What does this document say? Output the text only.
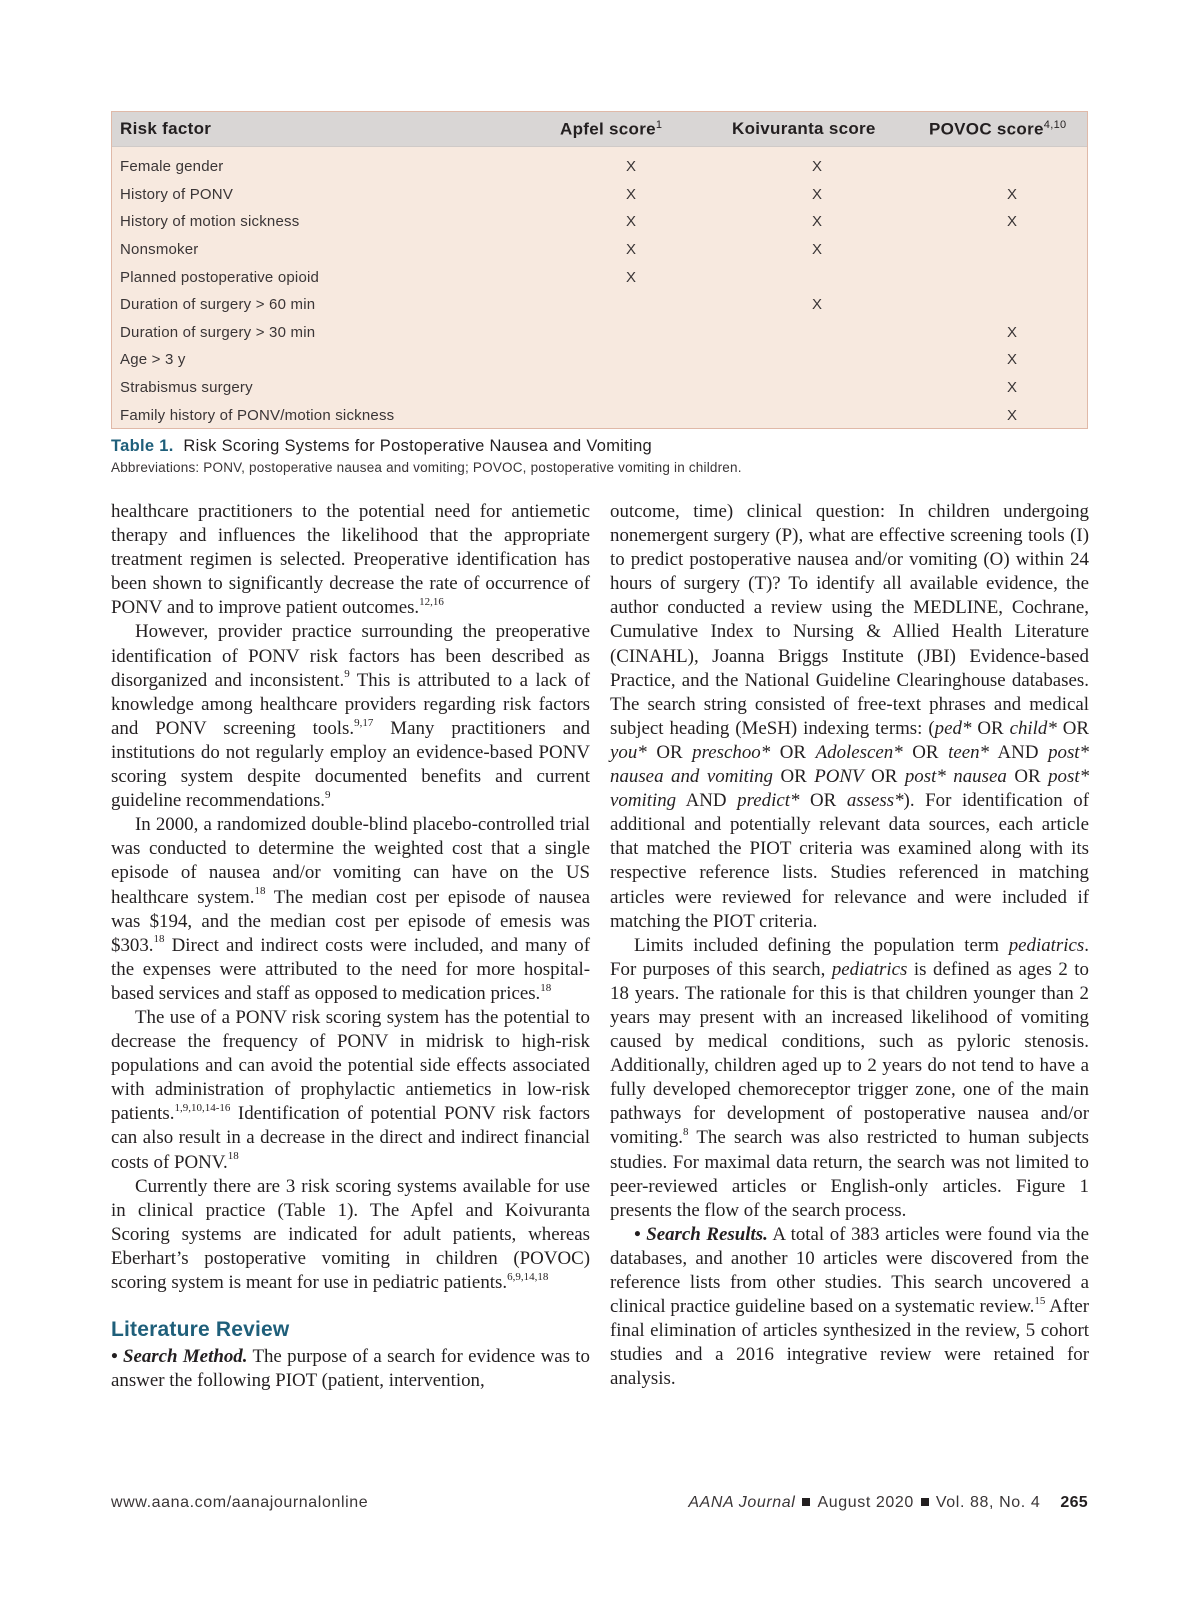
Risk factor	Apfel score$^1$	Koivuranta score	POVOC score$^{4,10}$
Female gender	X	X	
History of PONV	X	X	X
History of motion sickness	X	X	X
Nonsmoker	X	X	
Planned postoperative opioid	X		
Duration of surgery > 60 min		X	
Duration of surgery > 30 min			X
Age > 3 y			X
Strabismus surgery			X
Family history of PONV/motion sickness			X
Table 1. Risk Scoring Systems for Postoperative Nausea and Vomiting
Abbreviations: PONV, postoperative nausea and vomiting; POVOC, postoperative vomiting in children.

healthcare practitioners to the potential need for antiemetic therapy and influences the likelihood that the appropriate treatment regimen is selected. Preoperative identification has been shown to significantly decrease the rate of occurrence of PONV and to improve patient outcomes.$^{12,16}$

However, provider practice surrounding the preoperative identification of PONV risk factors has been described as disorganized and inconsistent.$^9$ This is attributed to a lack of knowledge among healthcare providers regarding risk factors and PONV screening tools.$^{9,17}$ Many practitioners and institutions do not regularly employ an evidence-based PONV scoring system despite documented benefits and current guideline recommendations.$^9$

In 2000, a randomized double-blind placebo-controlled trial was conducted to determine the weighted cost that a single episode of nausea and/or vomiting can have on the US healthcare system.$^{18}$ The median cost per episode of nausea was $194, and the median cost per episode of emesis was $303.18 Direct and indirect costs were included, and many of the expenses were attributed to the need for more hospital-based services and staff as opposed to medication prices.$^{18}$

The use of a PONV risk scoring system has the potential to decrease the frequency of PONV in midrisk to high-risk populations and can avoid the potential side effects associated with administration of prophylactic antiemetics in low-risk patients.$^{1,9,10,14-16}$ Identification of potential PONV risk factors can also result in a decrease in the direct and indirect financial costs of PONV.$^{18}$

Currently there are 3 risk scoring systems available for use in clinical practice (Table 1). The Apfel and Koivuranta Scoring systems are indicated for adult patients, whereas Eberhart’s postoperative vomiting in children (POVOC) scoring system is meant for use in pediatric patients.$^{6,9,14,18}$

Literature Review

• Search Method. The purpose of a search for evidence was to answer the following PIOT (patient, intervention,

outcome, time) clinical question: In children undergoing nonemergent surgery (P), what are effective screening tools (I) to predict postoperative nausea and/or vomiting (O) within 24 hours of surgery (T)? To identify all available evidence, the author conducted a review using the MEDLINE, Cochrane, Cumulative Index to Nursing & Allied Health Literature (CINAHL), Joanna Briggs Institute (JBI) Evidence-based Practice, and the National Guideline Clearinghouse databases. The search string consisted of free-text phrases and medical subject heading (MeSH) indexing terms: (ped* OR child* OR you* OR preschoo* OR Adolescen* OR teen* AND post* nausea and vomiting OR PONV OR post* nausea OR post* vomiting AND predict* OR assess*). For identification of additional and potentially relevant data sources, each article that matched the PIOT criteria was examined along with its respective reference lists. Studies referenced in matching articles were reviewed for relevance and were included if matching the PIOT criteria.

Limits included defining the population term pediatrics. For purposes of this search, pediatrics is defined as ages 2 to 18 years. The rationale for this is that children younger than 2 years may present with an increased likelihood of vomiting caused by medical conditions, such as pyloric stenosis. Additionally, children aged up to 2 years do not tend to have a fully developed chemoreceptor trigger zone, one of the main pathways for development of postoperative nausea and/or vomiting.$^8$ The search was also restricted to human subjects studies. For maximal data return, the search was not limited to peer-reviewed articles or English-only articles. Figure 1 presents the flow of the search process.

• Search Results. A total of 383 articles were found via the databases, and another 10 articles were discovered from the reference lists from other studies. This search uncovered a clinical practice guideline based on a systematic review.$^{15}$ After final elimination of articles synthesized in the review, 5 cohort studies and a 2016 integrative review were retained for analysis.

www.aana.com/aanajournalonline	AANA Journal August 2020 Vol. 88, No. 4 265
